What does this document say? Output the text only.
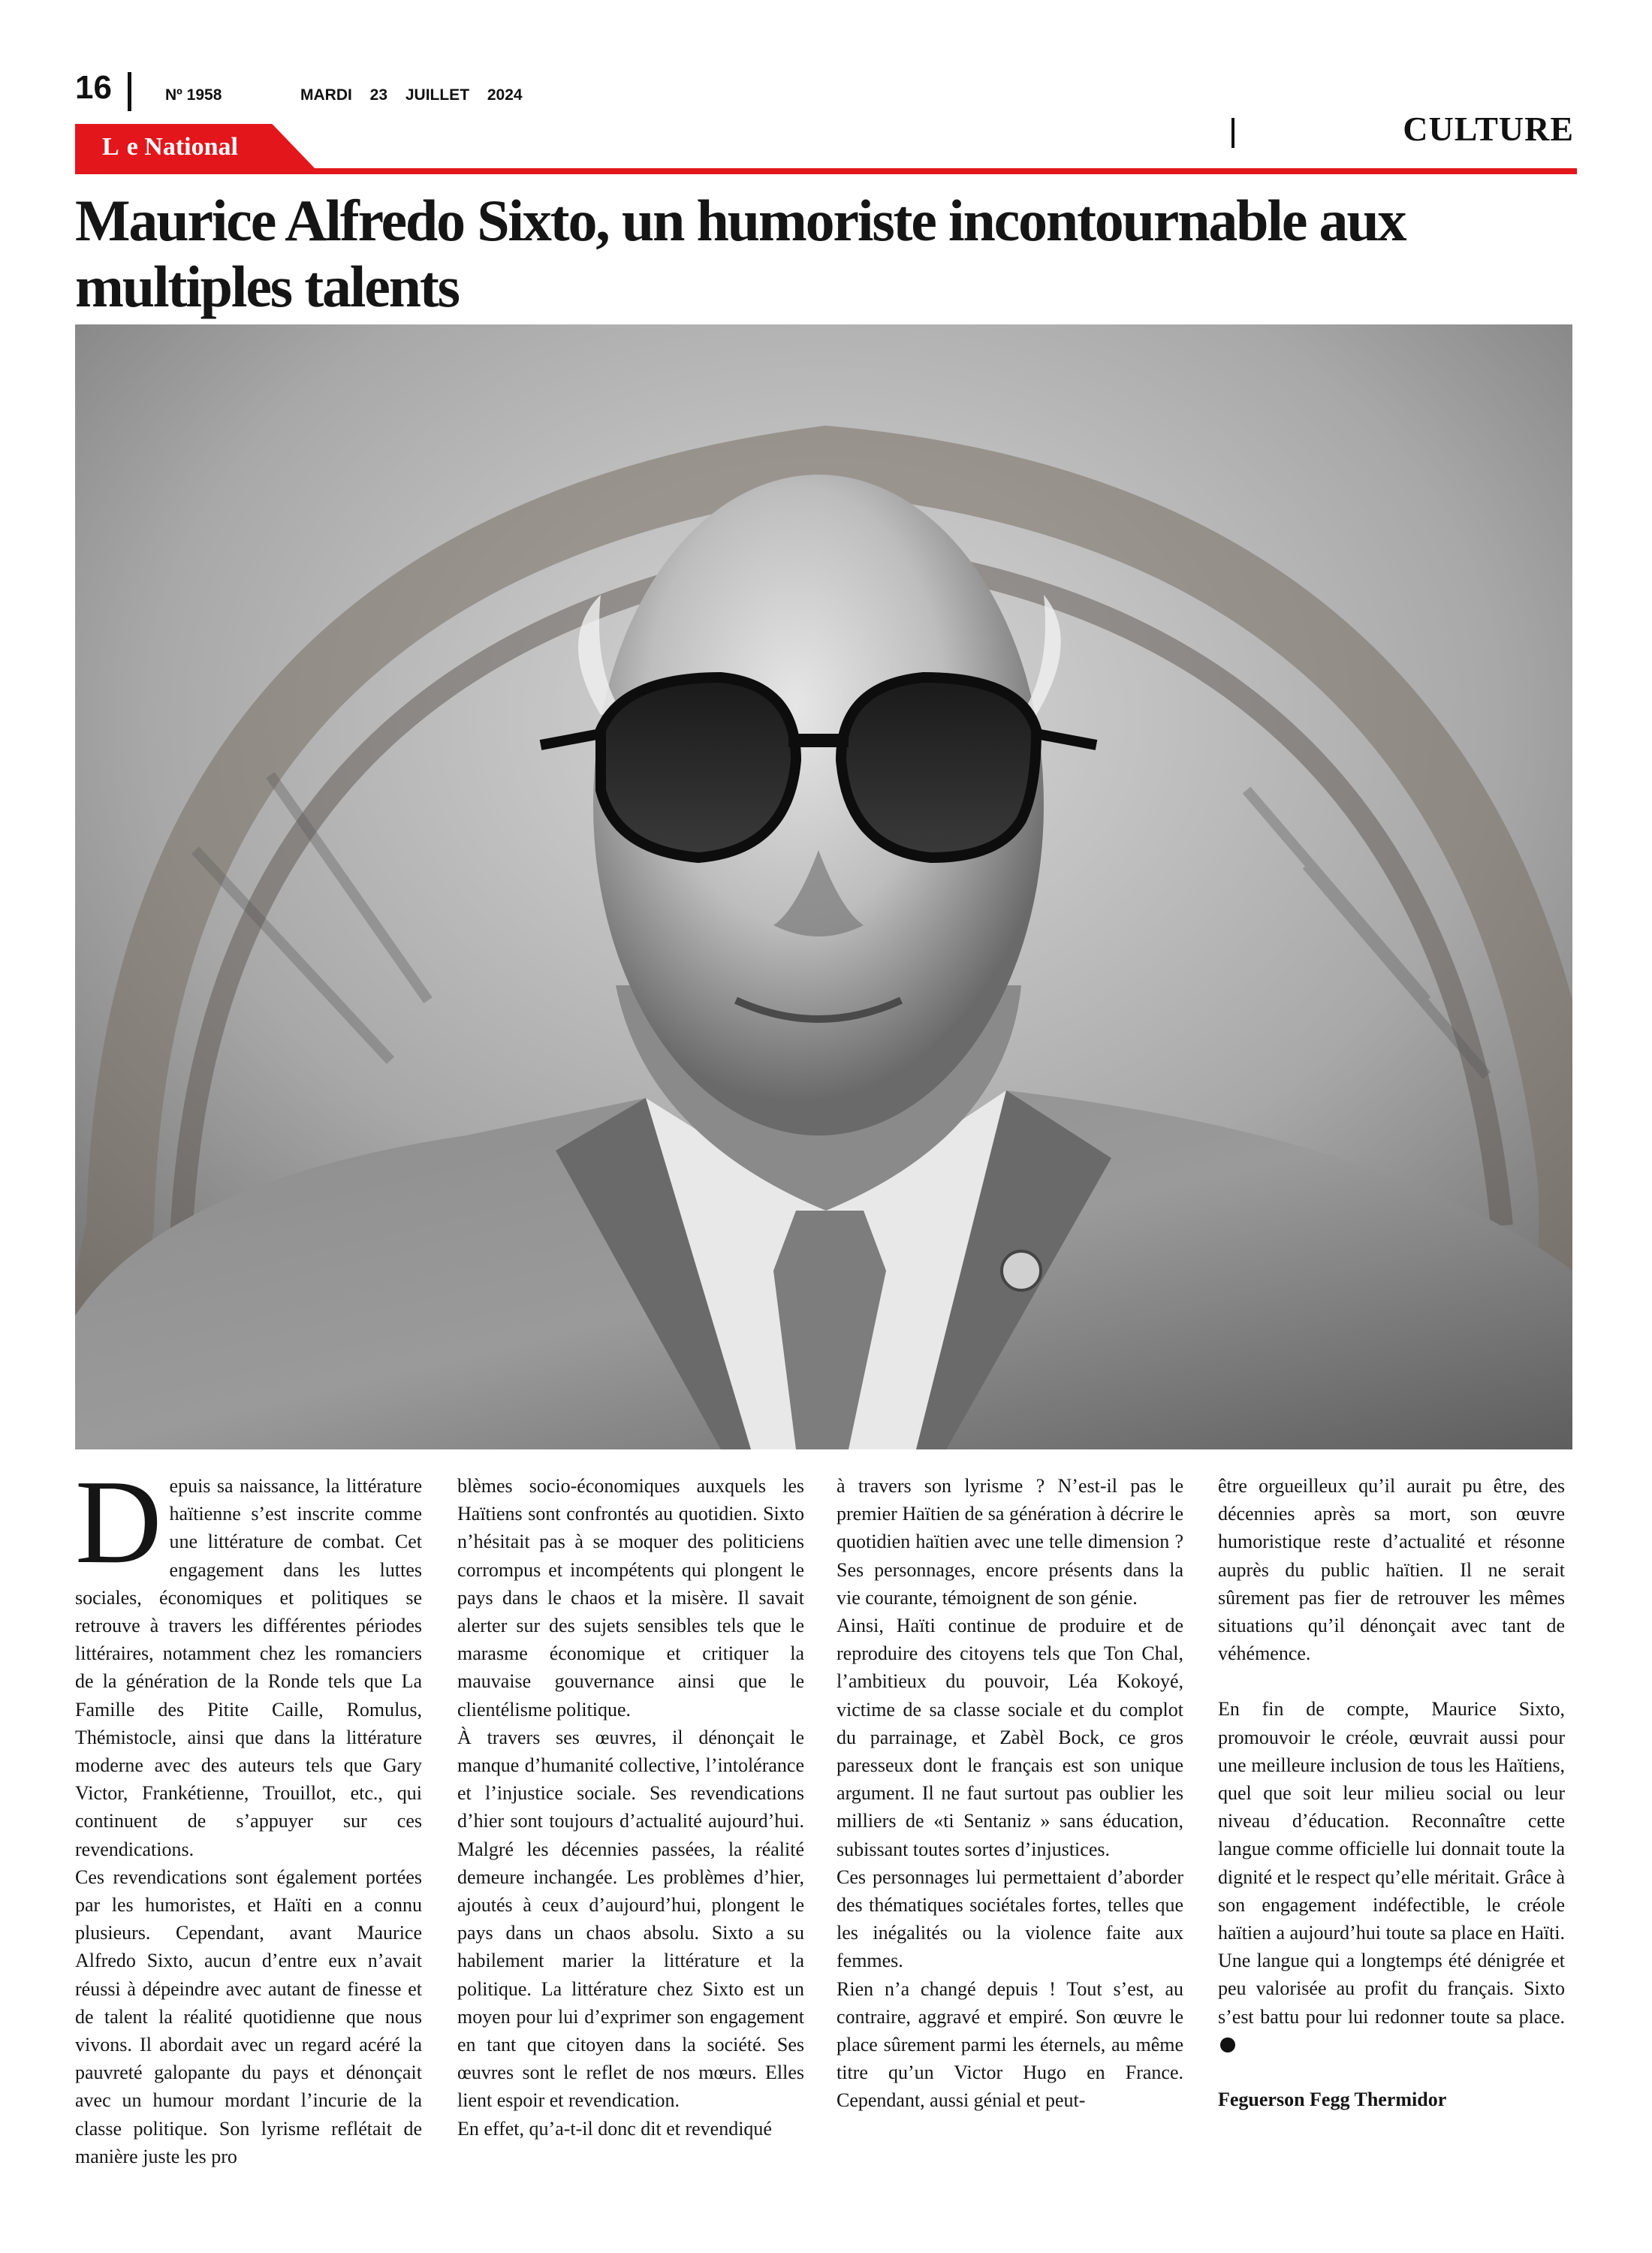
16	Nº 1958	MARDI 23 JUILLET 2024
L e National	CULTURE
Maurice Alfredo Sixto, un humoriste incontournable aux multiples talents

Depuis sa naissance, la littérature haïtienne s’est inscrite comme une littérature de combat. Cet engagement dans les luttes sociales, économiques et politiques se retrouve à travers les différentes périodes littéraires, notamment chez les romanciers de la génération de la Ronde tels que La Famille des Pitite Caille, Romulus, Thémistocle, ainsi que dans la littérature moderne avec des auteurs tels que Gary Victor, Frankétienne, Trouillot, etc., qui continuent de s’appuyer sur ces revendications.

Ces revendications sont également portées par les humoristes, et Haïti en a connu plusieurs. Cependant, avant Maurice Alfredo Sixto, aucun d’entre eux n’avait réussi à dépeindre avec autant de finesse et de talent la réalité quotidienne que nous vivons. Il abordait avec un regard acéré la pauvreté galopante du pays et dénonçait avec un humour mordant l’incurie de la classe politique. Son lyrisme reflétait de manière juste les pro

blèmes socio-économiques auxquels les Haïtiens sont confrontés au quotidien. Sixto n’hésitait pas à se moquer des politiciens corrompus et incompétents qui plongent le pays dans le chaos et la misère. Il savait alerter sur des sujets sensibles tels que le marasme économique et critiquer la mauvaise gouvernance ainsi que le clientélisme politique.

À travers ses œuvres, il dénonçait le manque d’humanité collective, l’intolérance et l’injustice sociale. Ses revendications d’hier sont toujours d’actualité aujourd’hui. Malgré les décennies passées, la réalité demeure inchangée. Les problèmes d’hier, ajoutés à ceux d’aujourd’hui, plongent le pays dans un chaos absolu. Sixto a su habilement marier la littérature et la politique. La littérature chez Sixto est un moyen pour lui d’exprimer son engagement en tant que citoyen dans la société. Ses œuvres sont le reflet de nos mœurs. Elles lient espoir et revendication.

En effet, qu’a-t-il donc dit et revendiqué

à travers son lyrisme ? N’est-il pas le premier Haïtien de sa génération à décrire le quotidien haïtien avec une telle dimension ? Ses personnages, encore présents dans la vie courante, témoignent de son génie.

Ainsi, Haïti continue de produire et de reproduire des citoyens tels que Ton Chal, l’ambitieux du pouvoir, Léa Kokoyé, victime de sa classe sociale et du complot du parrainage, et Zabèl Bock, ce gros paresseux dont le français est son unique argument. Il ne faut surtout pas oublier les milliers de «ti Sentaniz » sans éducation, subissant toutes sortes d’injustices.

Ces personnages lui permettaient d’aborder des thématiques sociétales fortes, telles que les inégalités ou la violence faite aux femmes.

Rien n’a changé depuis ! Tout s’est, au contraire, aggravé et empiré. Son œuvre le place sûrement parmi les éternels, au même titre qu’un Victor Hugo en France. Cependant, aussi génial et peut-

être orgueilleux qu’il aurait pu être, des décennies après sa mort, son œuvre humoristique reste d’actualité et résonne auprès du public haïtien. Il ne serait sûrement pas fier de retrouver les mêmes situations qu’il dénonçait avec tant de véhémence.

En fin de compte, Maurice Sixto, promouvoir le créole, œuvrait aussi pour une meilleure inclusion de tous les Haïtiens, quel que soit leur milieu social ou leur niveau d’éducation. Reconnaître cette langue comme officielle lui donnait toute la dignité et le respect qu’elle méritait. Grâce à son engagement indéfectible, le créole haïtien a aujourd’hui toute sa place en Haïti. Une langue qui a longtemps été dénigrée et peu valorisée au profit du français. Sixto s’est battu pour lui redonner toute sa place.

Feguerson Fegg Thermidor
